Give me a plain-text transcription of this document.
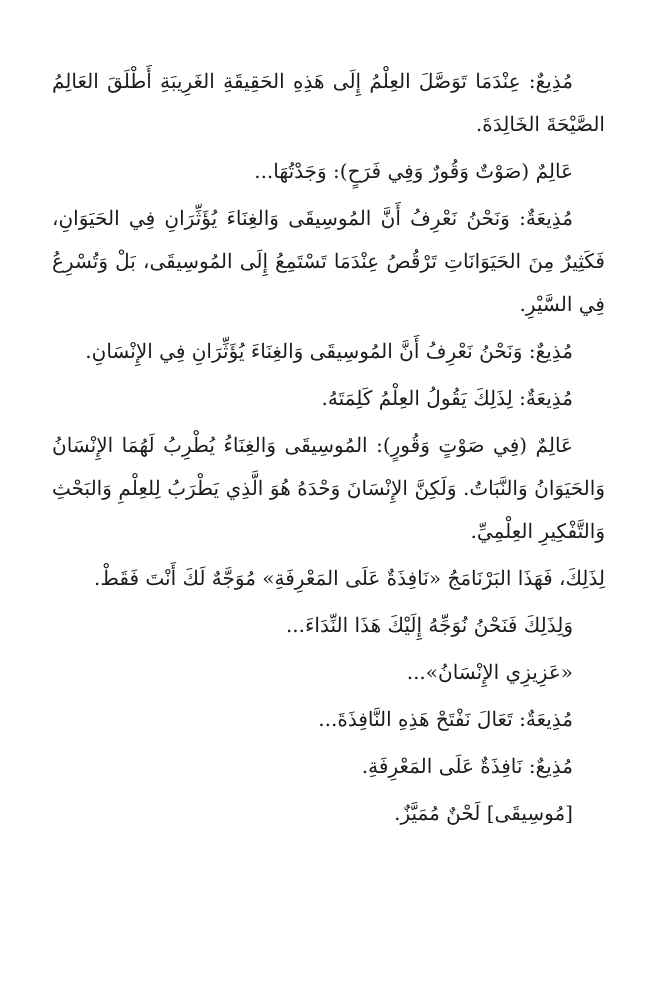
مُذِيعٌ: عِنْدَمَا تَوَصَّلَ العِلْمُ إِلَى هَذِهِ الحَقِيقَةِ الغَرِيبَةِ أَطْلَقَ العَالِمُ الصَّيْحَةَ الخَالِدَةَ.

عَالِمٌ (صَوْتٌ وَقُورٌ وَفِي فَرَحٍ): وَجَدْتُهَا...

مُذِيعَةٌ: وَنَحْنُ نَعْرِفُ أَنَّ المُوسِيقَى وَالغِنَاءَ يُؤَثِّرَانِ فِي الحَيَوَانِ، فَكَثِيرٌ مِنَ الحَيَوَانَاتِ تَرْقُصُ عِنْدَمَا تَسْتَمِعُ إِلَى المُوسِيقَى، بَلْ وَتُسْرِعُ فِي السَّيْرِ.

مُذِيعٌ: وَنَحْنُ نَعْرِفُ أَنَّ المُوسِيقَى وَالغِنَاءَ يُؤَثِّرَانِ فِي الإِنْسَانِ.

مُذِيعَةٌ: لِذَلِكَ يَقُولُ العِلْمُ كَلِمَتَهُ.

عَالِمٌ (فِي صَوْتٍ وَقُورٍ): المُوسِيقَى وَالغِنَاءُ يُطْرِبُ لَهُمَا الإِنْسَانُ وَالحَيَوَانُ وَالنَّبَاتُ. وَلَكِنَّ الإِنْسَانَ وَحْدَهُ هُوَ الَّذِي يَطْرَبُ لِلعِلْمِ وَالبَحْثِ وَالتَّفْكِيرِ العِلْمِيِّ.

لِذَلِكَ، فَهَذَا البَرْنَامَجُ «نَافِذَةٌ عَلَى المَعْرِفَةِ» مُوَجَّهٌ لَكَ أَنْتَ فَقَطْ.

وَلِذَلِكَ فَنَحْنُ نُوَجِّهُ إِلَيْكَ هَذَا النِّدَاءَ...

«عَزِيزِي الإِنْسَانُ»...

مُذِيعَةٌ: تَعَالَ نَفْتَحْ هَذِهِ النَّافِذَةَ...

مُذِيعٌ: نَافِذَةٌ عَلَى المَعْرِفَةِ.

[مُوسِيقَى] لَحْنٌ مُمَيَّزٌ.
